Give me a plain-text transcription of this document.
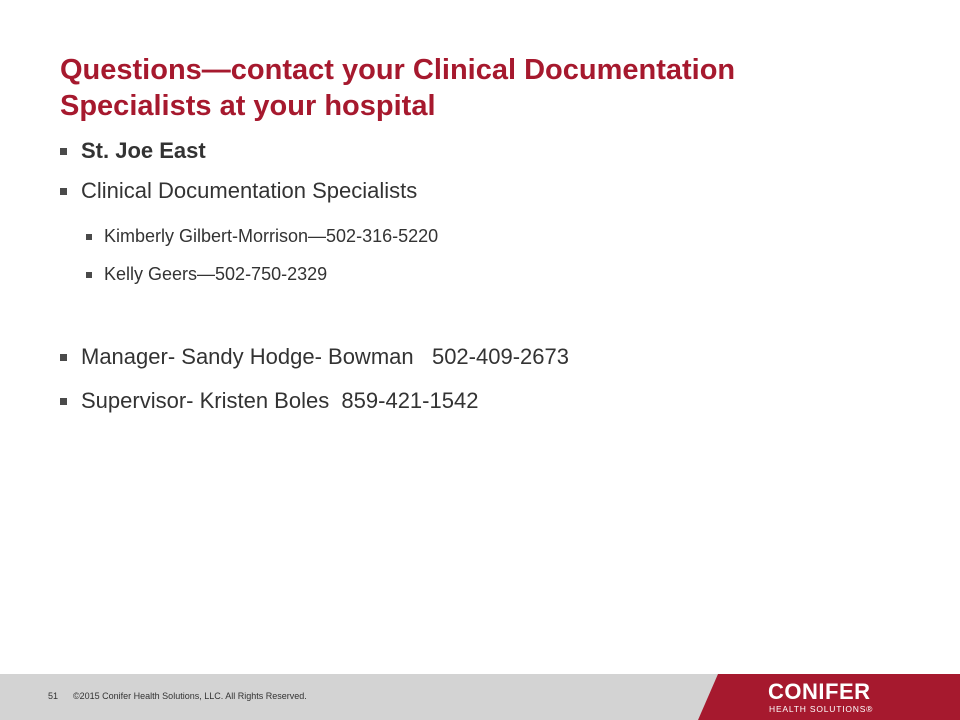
Questions—contact your Clinical Documentation
Specialists at your hospital
St. Joe East
Clinical Documentation Specialists
Kimberly Gilbert-Morrison—502-316-5220
Kelly Geers—502-750-2329
Manager- Sandy Hodge- Bowman   502-409-2673
Supervisor- Kristen Boles  859-421-1542
51 ©2015 Conifer Health Solutions, LLC. All Rights Reserved.	CONIFER
HEALTH SOLUTIONS®
